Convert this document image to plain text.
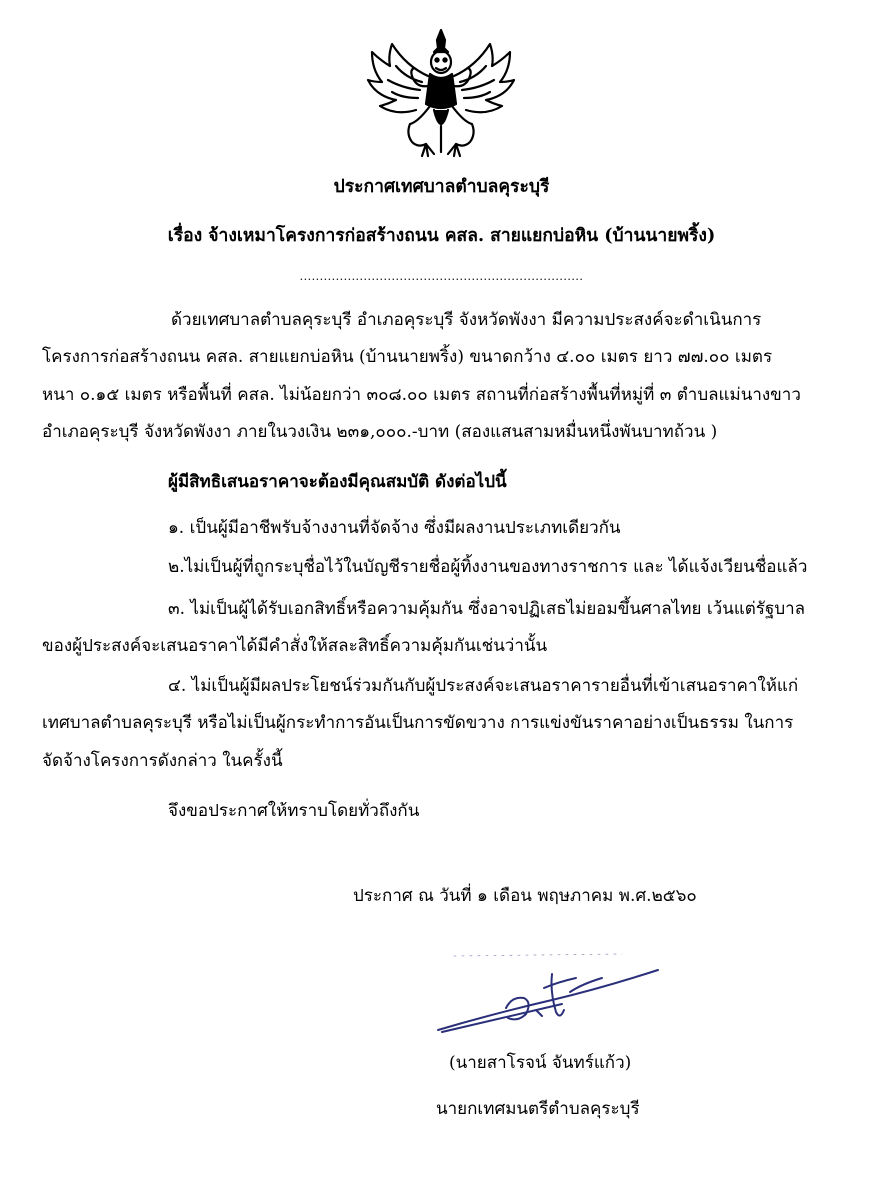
ประกาศเทศบาลตำบลคุระบุรี
เรื่อง จ้างเหมาโครงการก่อสร้างถนน คสล. สายแยกบ่อหิน (บ้านนายพริ้ง)
.......................................................................
ด้วยเทศบาลตำบลคุระบุรี อำเภอคุระบุรี จังหวัดพังงา มีความประสงค์จะดำเนินการ
โครงการก่อสร้างถนน คสล. สายแยกบ่อหิน (บ้านนายพริ้ง) ขนาดกว้าง ๔.๐๐ เมตร ยาว ๗๗.๐๐ เมตร
หนา ๐.๑๕ เมตร หรือพื้นที่ คสล. ไม่น้อยกว่า ๓๐๘.๐๐ เมตร สถานที่ก่อสร้างพื้นที่หมู่ที่ ๓ ตำบลแม่นางขาว
อำเภอคุระบุรี จังหวัดพังงา ภายในวงเงิน ๒๓๑,๐๐๐.-บาท (สองแสนสามหมื่นหนึ่งพันบาทถ้วน )
ผู้มีสิทธิเสนอราคาจะต้องมีคุณสมบัติ ดังต่อไปนี้
๑. เป็นผู้มีอาชีพรับจ้างงานที่จัดจ้าง ซึ่งมีผลงานประเภทเดียวกัน
๒.ไม่เป็นผู้ที่ถูกระบุชื่อไว้ในบัญชีรายชื่อผู้ทิ้งงานของทางราชการ และ ได้แจ้งเวียนชื่อแล้ว
๓. ไม่เป็นผู้ได้รับเอกสิทธิ์หรือความคุ้มกัน ซึ่งอาจปฏิเสธไม่ยอมขึ้นศาลไทย เว้นแต่รัฐบาล
ของผู้ประสงค์จะเสนอราคาได้มีคำสั่งให้สละสิทธิ์ความคุ้มกันเช่นว่านั้น
๔. ไม่เป็นผู้มีผลประโยชน์ร่วมกันกับผู้ประสงค์จะเสนอราคารายอื่นที่เข้าเสนอราคาให้แก่
เทศบาลตำบลคุระบุรี หรือไม่เป็นผู้กระทำการอันเป็นการขัดขวาง การแข่งขันราคาอย่างเป็นธรรม ในการ
จัดจ้างโครงการดังกล่าว ในครั้งนี้
จึงขอประกาศให้ทราบโดยทั่วถึงกัน
ประกาศ ณ วันที่ ๑ เดือน พฤษภาคม พ.ศ.๒๕๖๐
(นายสาโรจน์ จันทร์แก้ว)
นายกเทศมนตรีตำบลคุระบุรี
